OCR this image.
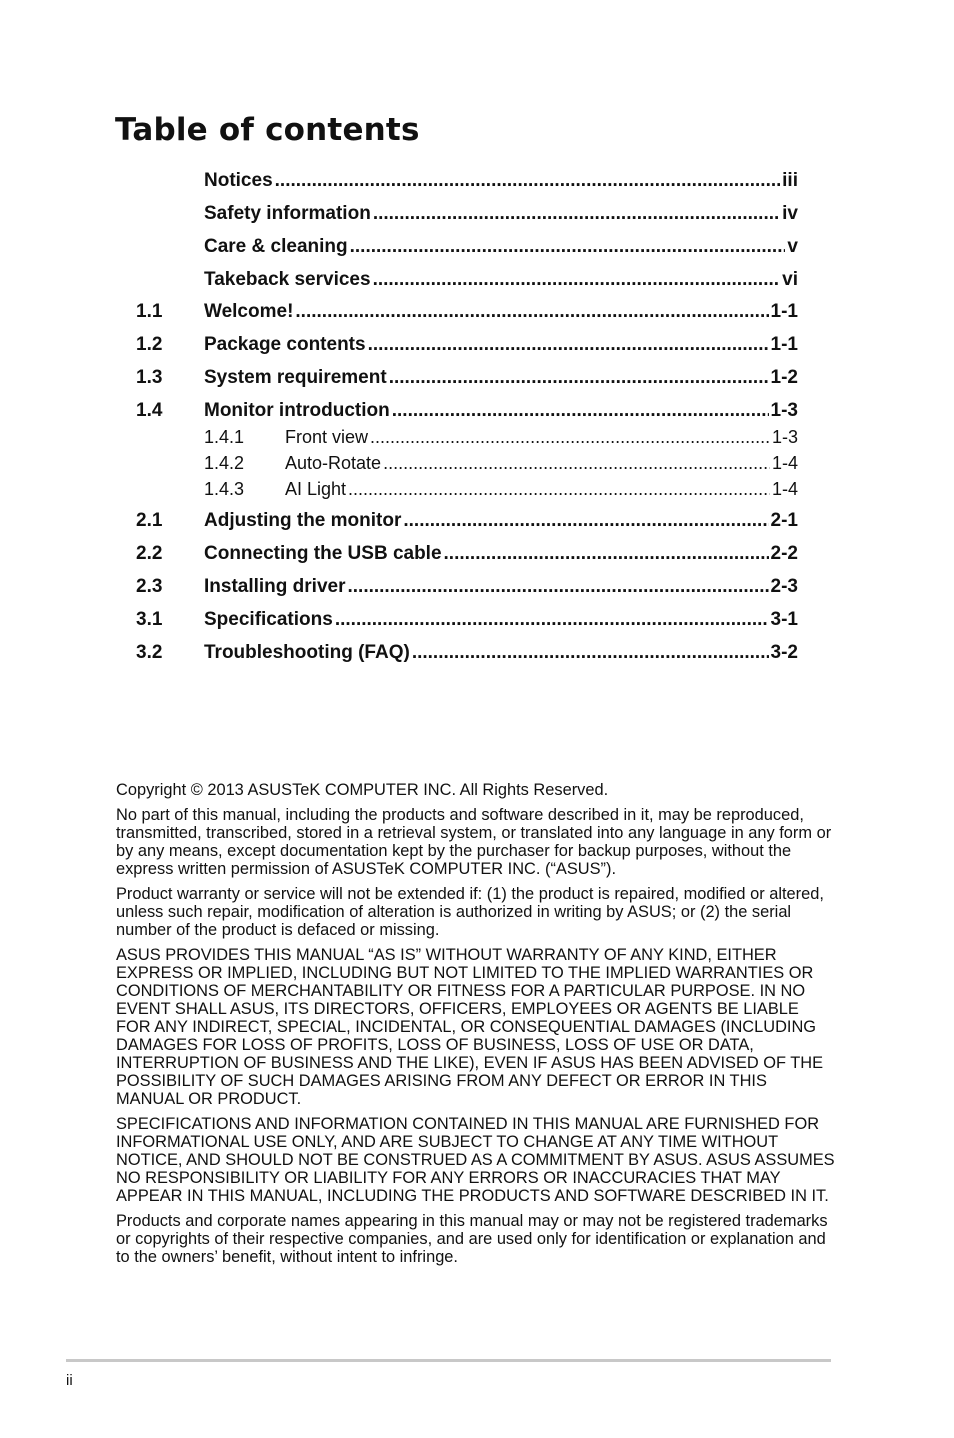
Table of contents
Notices .....	iii
Safety information .....	iv
Care & cleaning .....	v
Takeback services .....	vi
1.1	Welcome! .....	1-1
1.2	Package contents .....	1-1
1.3	System requirement .....	1-2
1.4	Monitor introduction .....	1-3
1.4.1	Front view .....	1-3
1.4.2	Auto-Rotate .....	1-4
1.4.3	AI Light .....	1-4
2.1	Adjusting the monitor .....	2-1
2.2	Connecting the USB cable .....	2-2
2.3	Installing driver .....	2-3
3.1	Specifications .....	3-1
3.2	Troubleshooting (FAQ) .....	3-2

Copyright © 2013 ASUSTeK COMPUTER INC. All Rights Reserved.

No part of this manual, including the products and software described in it, may be reproduced, transmitted, transcribed, stored in a retrieval system, or translated into any language in any form or by any means, except documentation kept by the purchaser for backup purposes, without the express written permission of ASUSTeK COMPUTER INC. (“ASUS”).

Product warranty or service will not be extended if: (1) the product is repaired, modified or altered, unless such repair, modification of alteration is authorized in writing by ASUS; or (2) the serial number of the product is defaced or missing.

ASUS PROVIDES THIS MANUAL “AS IS” WITHOUT WARRANTY OF ANY KIND, EITHER EXPRESS OR IMPLIED, INCLUDING BUT NOT LIMITED TO THE IMPLIED WARRANTIES OR CONDITIONS OF MERCHANTABILITY OR FITNESS FOR A PARTICULAR PURPOSE. IN NO EVENT SHALL ASUS, ITS DIRECTORS, OFFICERS, EMPLOYEES OR AGENTS BE LIABLE FOR ANY INDIRECT, SPECIAL, INCIDENTAL, OR CONSEQUENTIAL DAMAGES (INCLUDING DAMAGES FOR LOSS OF PROFITS, LOSS OF BUSINESS, LOSS OF USE OR DATA, INTERRUPTION OF BUSINESS AND THE LIKE), EVEN IF ASUS HAS BEEN ADVISED OF THE POSSIBILITY OF SUCH DAMAGES ARISING FROM ANY DEFECT OR ERROR IN THIS MANUAL OR PRODUCT.

SPECIFICATIONS AND INFORMATION CONTAINED IN THIS MANUAL ARE FURNISHED FOR INFORMATIONAL USE ONLY, AND ARE SUBJECT TO CHANGE AT ANY TIME WITHOUT NOTICE, AND SHOULD NOT BE CONSTRUED AS A COMMITMENT BY ASUS. ASUS ASSUMES NO RESPONSIBILITY OR LIABILITY FOR ANY ERRORS OR INACCURACIES THAT MAY APPEAR IN THIS MANUAL, INCLUDING THE PRODUCTS AND SOFTWARE DESCRIBED IN IT.

Products and corporate names appearing in this manual may or may not be registered trademarks or copyrights of their respective companies, and are used only for identification or explanation and to the owners’ benefit, without intent to infringe.

ii
